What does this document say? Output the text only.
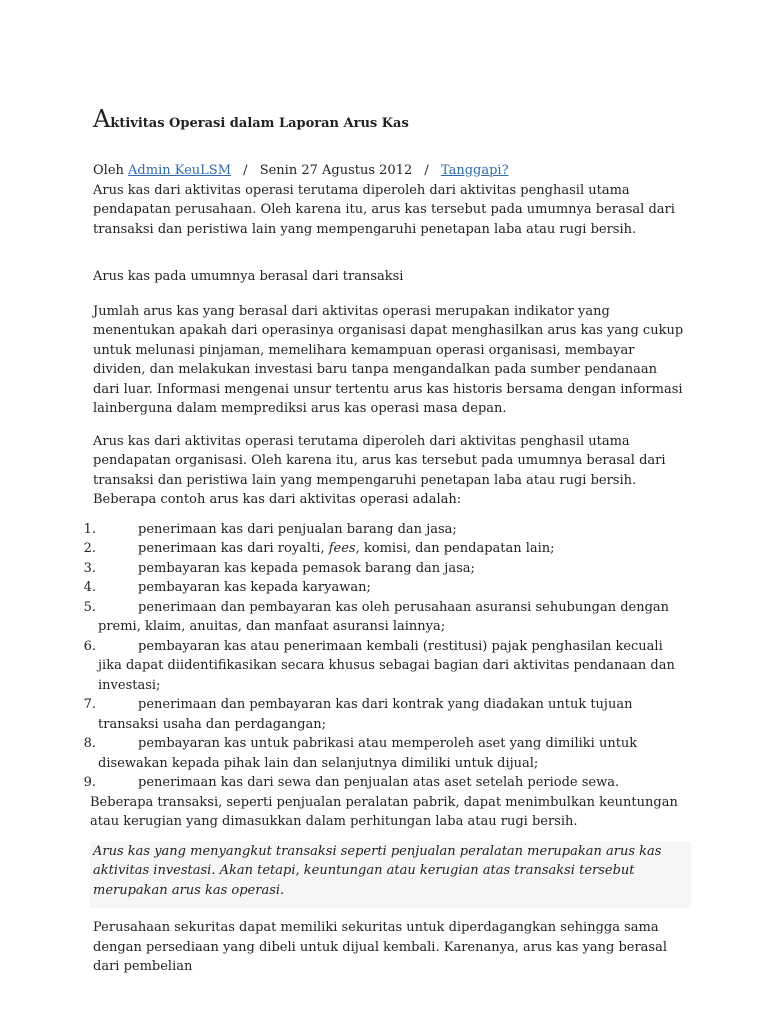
Aktivitas Operasi dalam Laporan Arus Kas

Oleh Admin KeuLSM / Senin 27 Agustus 2012 / Tanggapi?

Arus kas dari aktivitas operasi terutama diperoleh dari aktivitas penghasil utama pendapatan perusahaan. Oleh karena itu, arus kas tersebut pada umumnya berasal dari transaksi dan peristiwa lain yang mempengaruhi penetapan laba atau rugi bersih.

Arus kas pada umumnya berasal dari transaksi

Jumlah arus kas yang berasal dari aktivitas operasi merupakan indikator yang menentukan apakah dari operasinya organisasi dapat menghasilkan arus kas yang cukup untuk melunasi pinjaman, memelihara kemampuan operasi organisasi, membayar dividen, dan melakukan investasi baru tanpa mengandalkan pada sumber pendanaan dari luar. Informasi mengenai unsur tertentu arus kas historis bersama dengan informasi lainberguna dalam memprediksi arus kas operasi masa depan.

Arus kas dari aktivitas operasi terutama diperoleh dari aktivitas penghasil utama pendapatan organisasi. Oleh karena itu, arus kas tersebut pada umumnya berasal dari transaksi dan peristiwa lain yang mempengaruhi penetapan laba atau rugi bersih. Beberapa contoh arus kas dari aktivitas operasi adalah:

1.	penerimaan kas dari penjualan barang dan jasa;
2.	penerimaan kas dari royalti, fees, komisi, dan pendapatan lain;
3.	pembayaran kas kepada pemasok barang dan jasa;
4.	pembayaran kas kepada karyawan;
5.	penerimaan dan pembayaran kas oleh perusahaan asuransi sehubungan dengan premi, klaim, anuitas, dan manfaat asuransi lainnya;
6.	pembayaran kas atau penerimaan kembali (restitusi) pajak penghasilan kecuali jika dapat diidentifikasikan secara khusus sebagai bagian dari aktivitas pendanaan dan investasi;
7.	penerimaan dan pembayaran kas dari kontrak yang diadakan untuk tujuan transaksi usaha dan perdagangan;
8.	pembayaran kas untuk pabrikasi atau memperoleh aset yang dimiliki untuk disewakan kepada pihak lain dan selanjutnya dimiliki untuk dijual;
9.	penerimaan kas dari sewa dan penjualan atas aset setelah periode sewa.

Beberapa transaksi, seperti penjualan peralatan pabrik, dapat menimbulkan keuntungan atau kerugian yang dimasukkan dalam perhitungan laba atau rugi bersih.

Arus kas yang menyangkut transaksi seperti penjualan peralatan merupakan arus kas aktivitas investasi. Akan tetapi, keuntungan atau kerugian atas transaksi tersebut merupakan arus kas operasi.

Perusahaan sekuritas dapat memiliki sekuritas untuk diperdagangkan sehingga sama dengan persediaan yang dibeli untuk dijual kembali. Karenanya, arus kas yang berasal dari pembelian
